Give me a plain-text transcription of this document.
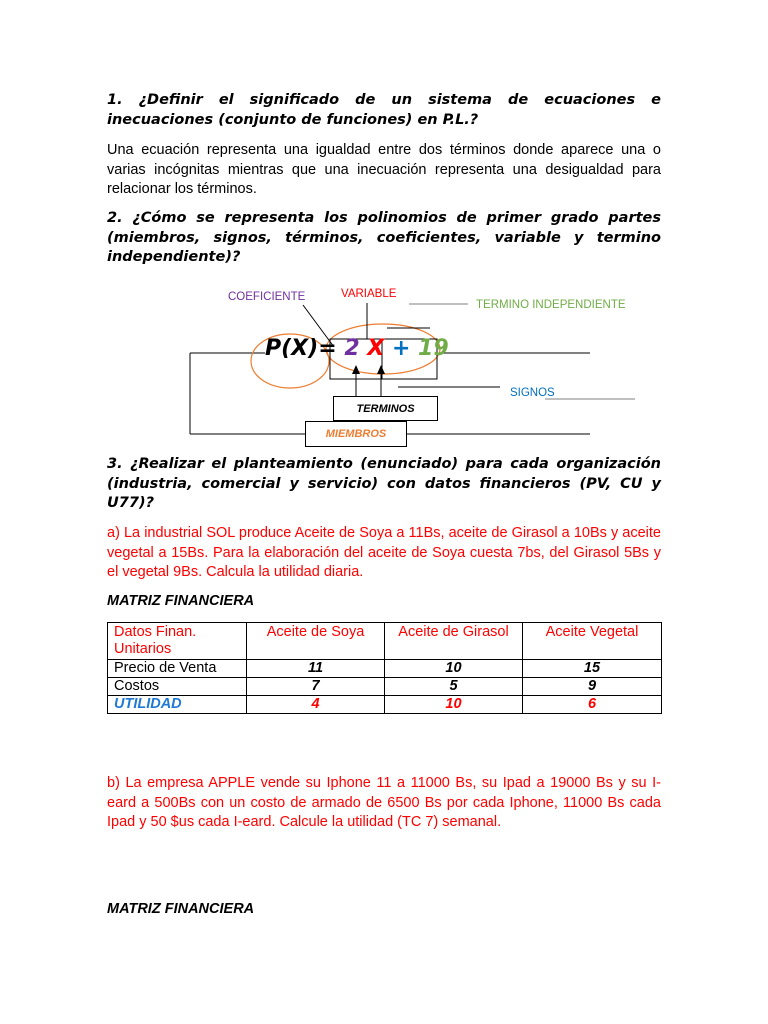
1. ¿Definir el significado de un sistema de ecuaciones e inecuaciones (conjunto de funciones) en P.L.?
Una ecuación representa una igualdad entre dos términos donde aparece una o varias incógnitas mientras que una inecuación representa una desigualdad para relacionar los términos.
2. ¿Cómo se representa los polinomios de primer grado partes (miembros, signos, términos, coeficientes, variable y termino independiente)?
COEFICIENTE	VARIABLE
TERMINO INDEPENDIENTE
SIGNOS
P(X)= 2 X + 19
TERMINOS
MIEMBROS
3. ¿Realizar el planteamiento (enunciado) para cada organización (industria, comercial y servicio) con datos financieros (PV, CU y U77)?
a) La industrial SOL produce Aceite de Soya a 11Bs, aceite de Girasol a 10Bs y aceite vegetal a 15Bs. Para la elaboración del aceite de Soya cuesta 7bs, del Girasol 5Bs y el vegetal 9Bs. Calcula la utilidad diaria.
MATRIZ FINANCIERA
Datos Finan. Unitarios	Aceite de Soya	Aceite de Girasol	Aceite Vegetal
Precio de Venta	11	10	15
Costos	7	5	9
UTILIDAD	4	10	6
b) La empresa APPLE vende su Iphone 11 a 11000 Bs, su Ipad a 19000 Bs y su I-eard a 500Bs con un costo de armado de 6500 Bs por cada Iphone, 11000 Bs cada Ipad y 50 $us cada I-eard. Calcule la utilidad (TC 7) semanal.
MATRIZ FINANCIERA
